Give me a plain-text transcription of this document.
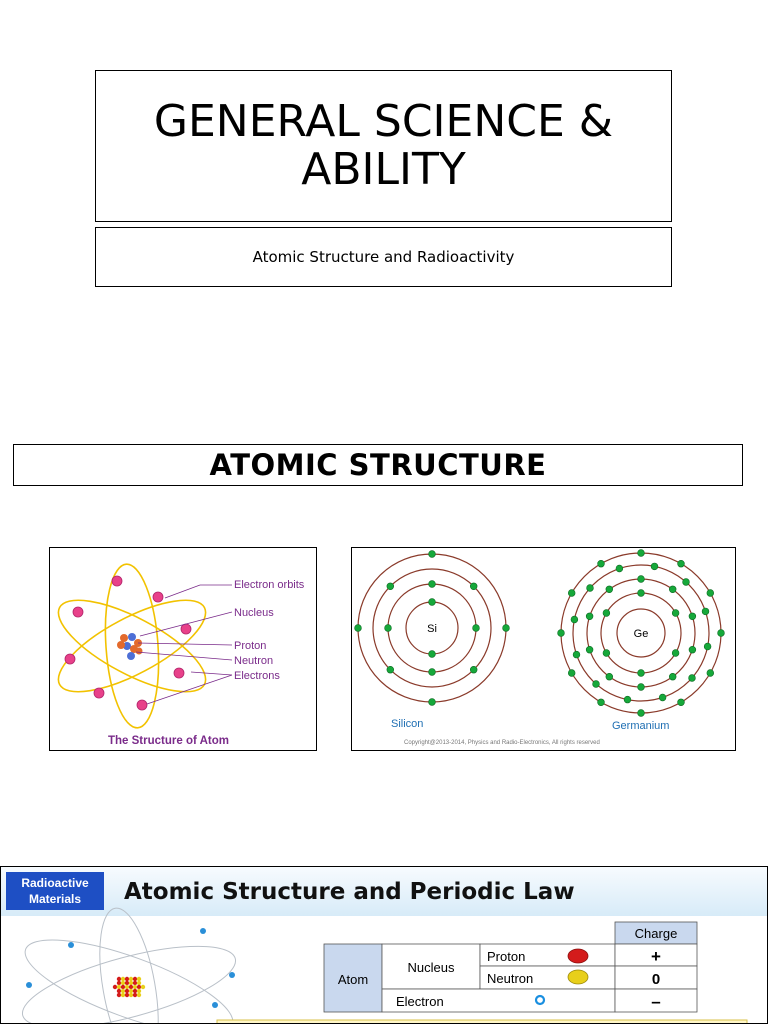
GENERAL SCIENCE & ABILITY
Atomic Structure and Radioactivity
ATOMIC STRUCTURE
Electron orbits
Nucleus
Proton
Neutron
Electrons
The Structure of Atom
Si	Ge
Silicon	Germanium
Copyright@2013-2014, Physics and Radio-Electronics, All rights reserved
Radioactive
Materials Atomic Structure and Periodic Law
Charge
Atom
Nucleus
Proton
Neutron
Electron
+
0
–
